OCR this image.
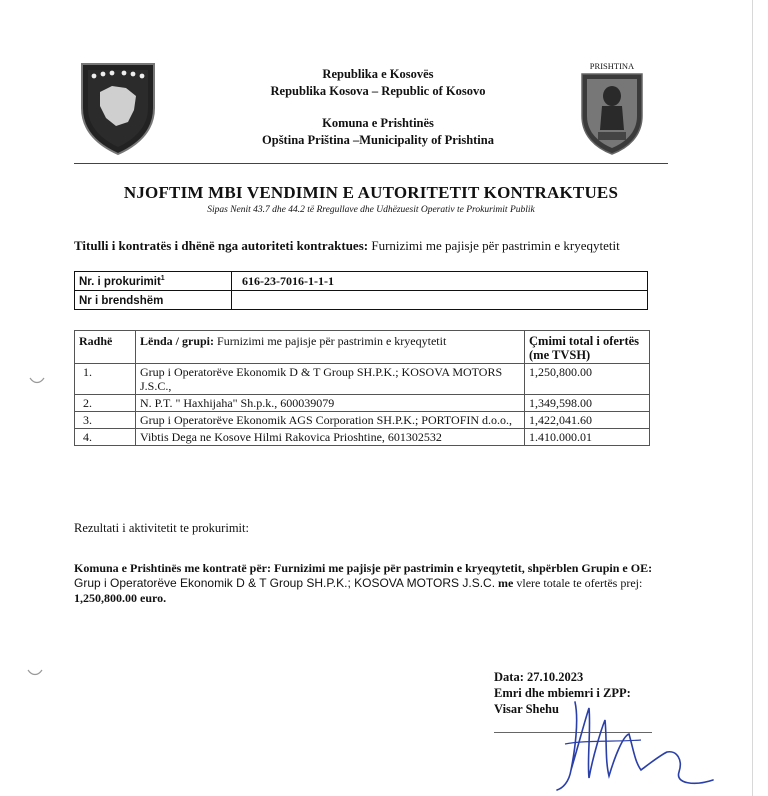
Republika e Kosovës
Republika Kosova – Republic of Kosovo
Komuna e Prishtinës
Opština Priština –Municipality of Prishtina
PRISHTINA
NJOFTIM MBI VENDIMIN E AUTORITETIT KONTRAKTUES
Sipas Nenit 43.7 dhe 44.2 të Rregullave dhe Udhëzuesit Operativ te Prokurimit Publik
Titulli i kontratës i dhënë nga autoriteti kontraktues: Furnizimi me pajisje për pastrimin e kryeqytetit
Nr. i prokurimit$^1$	616-23-7016-1-1-1
Nr i brendshëm	
Radhë	Lënda / grupi: Furnizimi me pajisje për pastrimin e kryeqytetit	Çmimi total i ofertës (me TVSH)
1.	Grup i Operatorëve Ekonomik D & T Group SH.P.K.; KOSOVA MOTORS J.S.C.,	1,250,800.00
2.	N. P.T. " Haxhijaha" Sh.p.k., 600039079	1,349,598.00
3.	Grup i Operatorëve Ekonomik AGS Corporation SH.P.K.; PORTOFIN d.o.o.,	1,422,041.60
4.	Vibtis Dega ne Kosove Hilmi Rakovica Prioshtine, 601302532	1.410.000.01
Rezultati i aktivitetit te prokurimit:
Komuna e Prishtinës me kontratë për: Furnizimi me pajisje për pastrimin e kryeqytetit, shpërblen Grupin e OE: Grup i Operatorëve Ekonomik D & T Group SH.P.K.; KOSOVA MOTORS J.S.C. me vlere totale te ofertës prej: 1,250,800.00 euro.
Data: 27.10.2023
Emri dhe mbiemri i ZPP:
Visar Shehu
